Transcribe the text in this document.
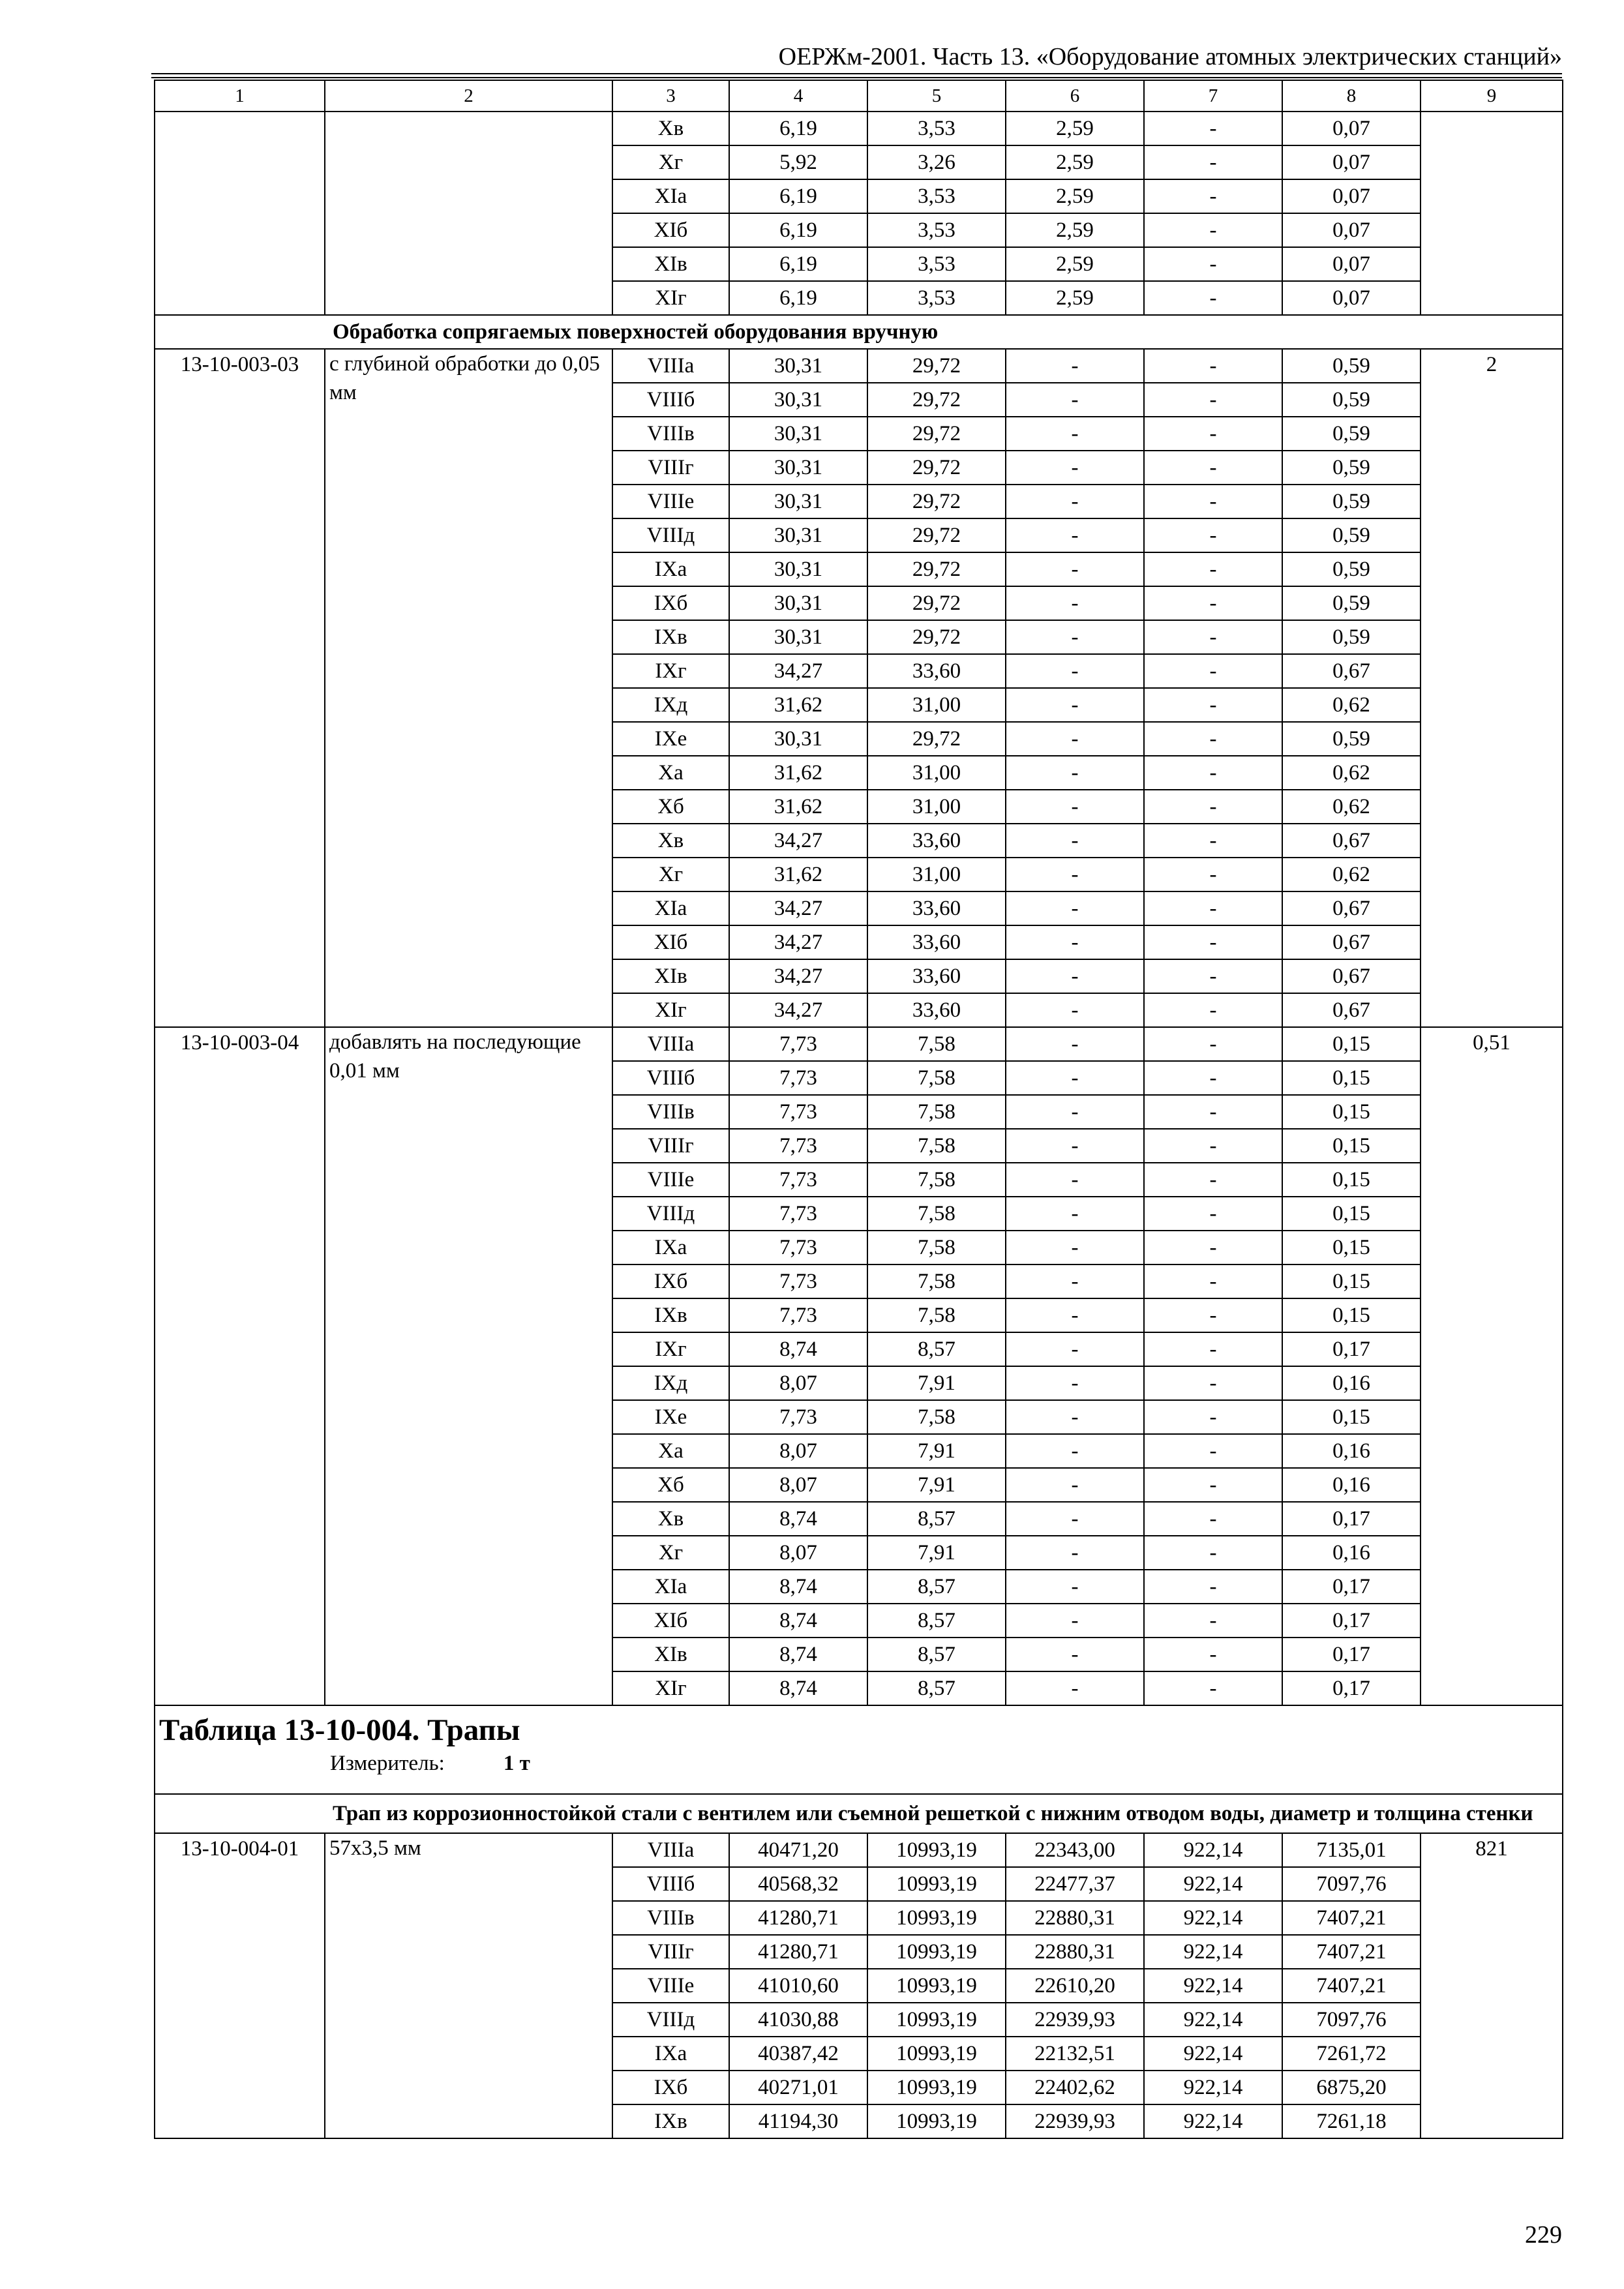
ОЕРЖм-2001. Часть 13. «Оборудование атомных электрических станций»
1	2	3	4	5	6	7	8	9
		Xв	6,19	3,53	2,59	-	0,07	
		Xг	5,92	3,26	2,59	-	0,07	
		XIа	6,19	3,53	2,59	-	0,07	
		XIб	6,19	3,53	2,59	-	0,07	
		XIв	6,19	3,53	2,59	-	0,07	
		XIг	6,19	3,53	2,59	-	0,07	
Обработка сопрягаемых поверхностей оборудования вручную								
13-10-003-03	с глубиной обработки до 0,05 мм	VIIIа	30,31	29,72	-	-	0,59	2
		VIIIб	30,31	29,72	-	-	0,59	
		VIIIв	30,31	29,72	-	-	0,59	
		VIIIг	30,31	29,72	-	-	0,59	
		VIIIе	30,31	29,72	-	-	0,59	
		VIIIд	30,31	29,72	-	-	0,59	
		IXа	30,31	29,72	-	-	0,59	
		IXб	30,31	29,72	-	-	0,59	
		IXв	30,31	29,72	-	-	0,59	
		IXг	34,27	33,60	-	-	0,67	
		IXд	31,62	31,00	-	-	0,62	
		IXе	30,31	29,72	-	-	0,59	
		Xа	31,62	31,00	-	-	0,62	
		Xб	31,62	31,00	-	-	0,62	
		Xв	34,27	33,60	-	-	0,67	
		Xг	31,62	31,00	-	-	0,62	
		XIа	34,27	33,60	-	-	0,67	
		XIб	34,27	33,60	-	-	0,67	
		XIв	34,27	33,60	-	-	0,67	
		XIг	34,27	33,60	-	-	0,67	
13-10-003-04	добавлять на последующие 0,01 мм	VIIIа	7,73	7,58	-	-	0,15	0,51
		VIIIб	7,73	7,58	-	-	0,15	
		VIIIв	7,73	7,58	-	-	0,15	
		VIIIг	7,73	7,58	-	-	0,15	
		VIIIе	7,73	7,58	-	-	0,15	
		VIIIд	7,73	7,58	-	-	0,15	
		IXа	7,73	7,58	-	-	0,15	
		IXб	7,73	7,58	-	-	0,15	
		IXв	7,73	7,58	-	-	0,15	
		IXг	8,74	8,57	-	-	0,17	
		IXд	8,07	7,91	-	-	0,16	
		IXе	7,73	7,58	-	-	0,15	
		Xа	8,07	7,91	-	-	0,16	
		Xб	8,07	7,91	-	-	0,16	
		Xв	8,74	8,57	-	-	0,17	
		Xг	8,07	7,91	-	-	0,16	
		XIа	8,74	8,57	-	-	0,17	
		XIб	8,74	8,57	-	-	0,17	
		XIв	8,74	8,57	-	-	0,17	
		XIг	8,74	8,57	-	-	0,17	

Таблица 13-10-004. Трапы
Измеритель: 1 т								

Трап из коррозионностойкой стали с вентилем или съемной решеткой с нижним отводом воды, диаметр и толщина стенки								
13-10-004-01	57х3,5 мм	VIIIа	40471,20	10993,19	22343,00	922,14	7135,01	821
		VIIIб	40568,32	10993,19	22477,37	922,14	7097,76	
		VIIIв	41280,71	10993,19	22880,31	922,14	7407,21	
		VIIIг	41280,71	10993,19	22880,31	922,14	7407,21	
		VIIIе	41010,60	10993,19	22610,20	922,14	7407,21	
		VIIIд	41030,88	10993,19	22939,93	922,14	7097,76	
		IXа	40387,42	10993,19	22132,51	922,14	7261,72	
		IXб	40271,01	10993,19	22402,62	922,14	6875,20	
		IXв	41194,30	10993,19	22939,93	922,14	7261,18	
229
